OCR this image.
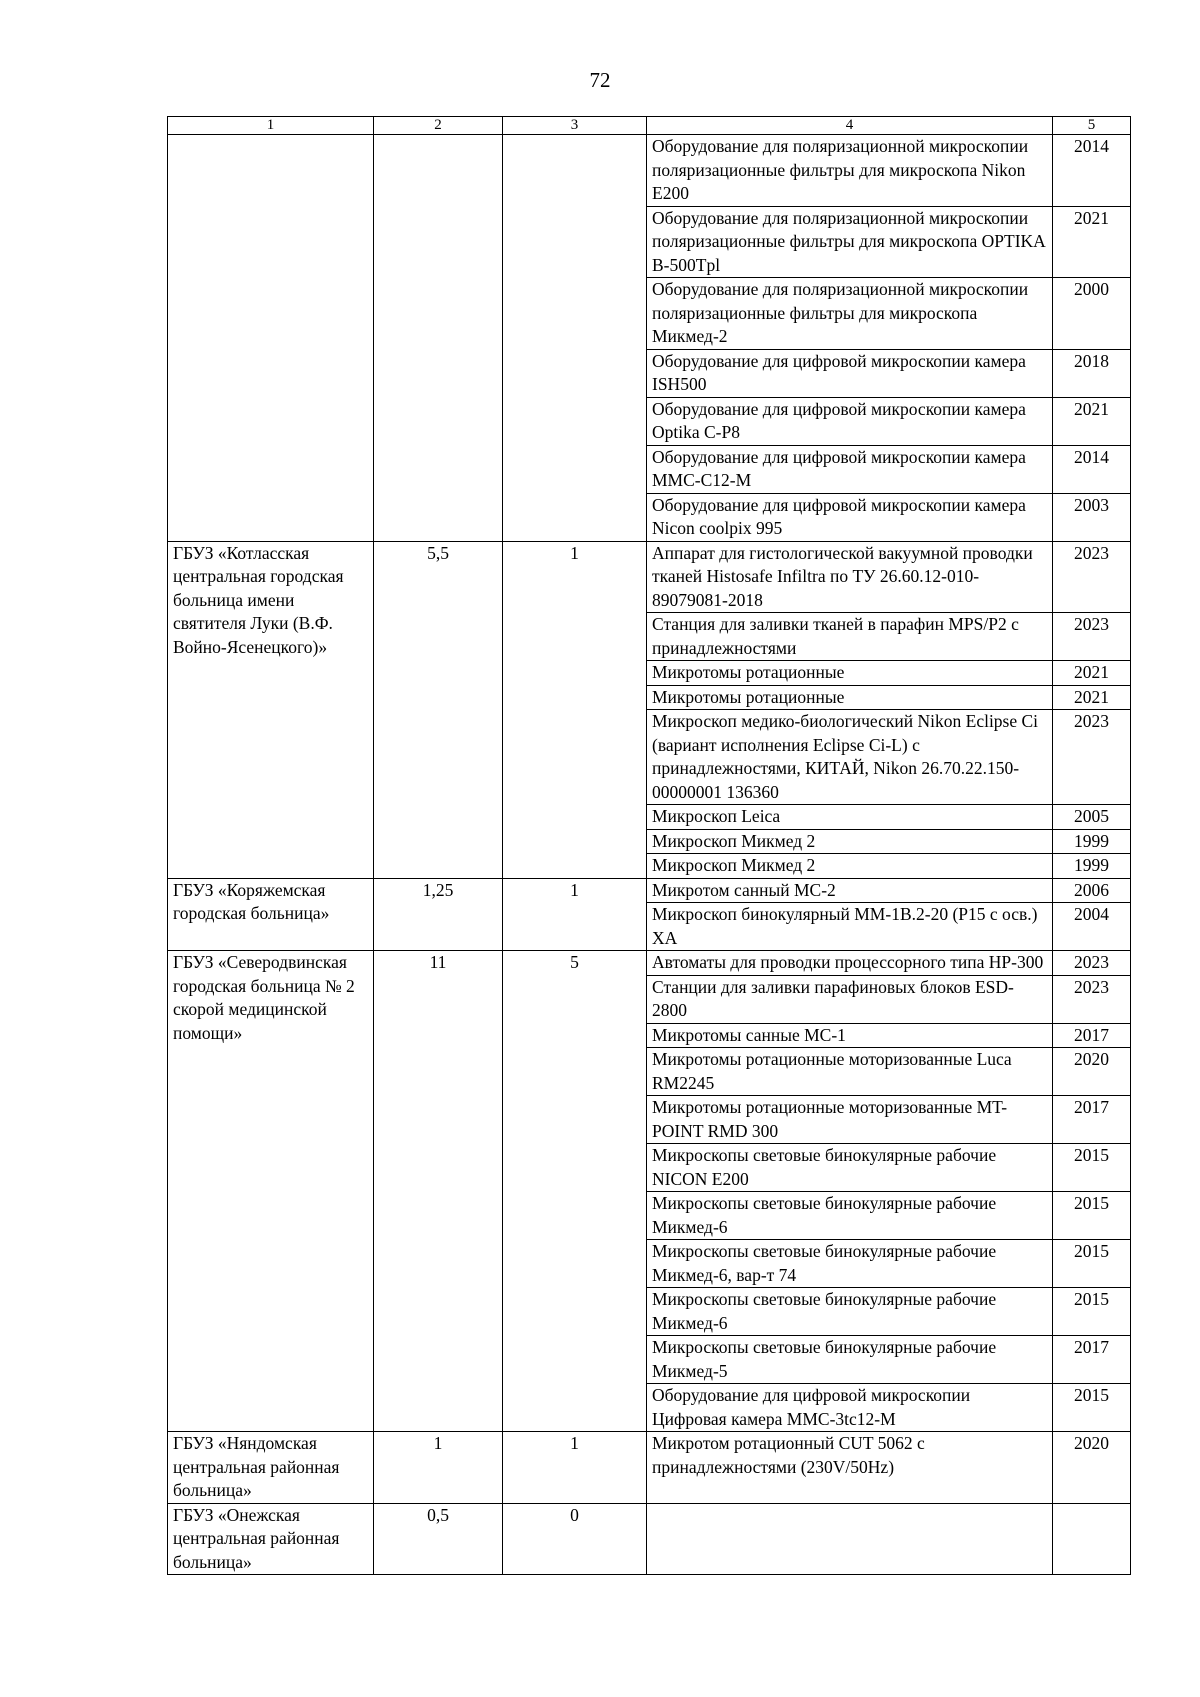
72
1	2	3	4	5
			Оборудование для поляризационной микроскопии поляризационные фильтры для микроскопа Nikon E200	2014
			Оборудование для поляризационной микроскопии поляризационные фильтры для микроскопа OPTIKA B-500Tpl	2021
			Оборудование для поляризационной микроскопии поляризационные фильтры для микроскопа Микмед-2	2000
			Оборудование для цифровой микроскопии камера ISH500	2018
			Оборудование для цифровой микроскопии камера Optika C-P8	2021
			Оборудование для цифровой микроскопии камера MMC-C12-M	2014
			Оборудование для цифровой микроскопии камера Nicon coolpix 995	2003
ГБУЗ «Котласская центральная городская больница имени святителя Луки (В.Ф. Войно-Ясенецкого)»	5,5	1	Аппарат для гистологической вакуумной проводки тканей Histosafe Infiltra по ТУ 26.60.12-010-89079081-2018	2023
			Станция для заливки тканей в парафин MPS/P2 с принадлежностями	2023
			Микротомы ротационные	2021
			Микротомы ротационные	2021
			Микроскоп медико-биологический Nikon Eclipse Ci (вариант исполнения Eclipse Ci-L) с принадлежностями, КИТАЙ, Nikon 26.70.22.150-00000001 136360	2023
			Микроскоп Leica	2005
			Микроскоп Микмед 2	1999
			Микроскоп Микмед 2	1999
ГБУЗ «Коряжемская городская больница»	1,25	1	Микротом санный МС-2	2006
			Микроскоп бинокулярный ММ-1В.2-20 (Р15 с осв.) ХА	2004
ГБУЗ «Северодвинская городская больница № 2 скорой медицинской помощи»	11	5	Автоматы для проводки процессорного типа HP-300	2023
			Станции для заливки парафиновых блоков ESD-2800	2023
			Микротомы санные МС-1	2017
			Микротомы ротационные моторизованные Luca RM2245	2020
			Микротомы ротационные моторизованные MT-POINT RMD 300	2017
			Микроскопы световые бинокулярные рабочие NICON E200	2015
			Микроскопы световые бинокулярные рабочие Микмед-6	2015
			Микроскопы световые бинокулярные рабочие Микмед-6, вар-т 74	2015
			Микроскопы световые бинокулярные рабочие Микмед-6	2015
			Микроскопы световые бинокулярные рабочие Микмед-5	2017
			Оборудование для цифровой микроскопии Цифровая камера MMC-3tc12-M	2015
ГБУЗ «Няндомская центральная районная больница»	1	1	Микротом ротационный CUT 5062 с принадлежностями (230V/50Hz)	2020
ГБУЗ «Онежская центральная районная больница»	0,5	0		
